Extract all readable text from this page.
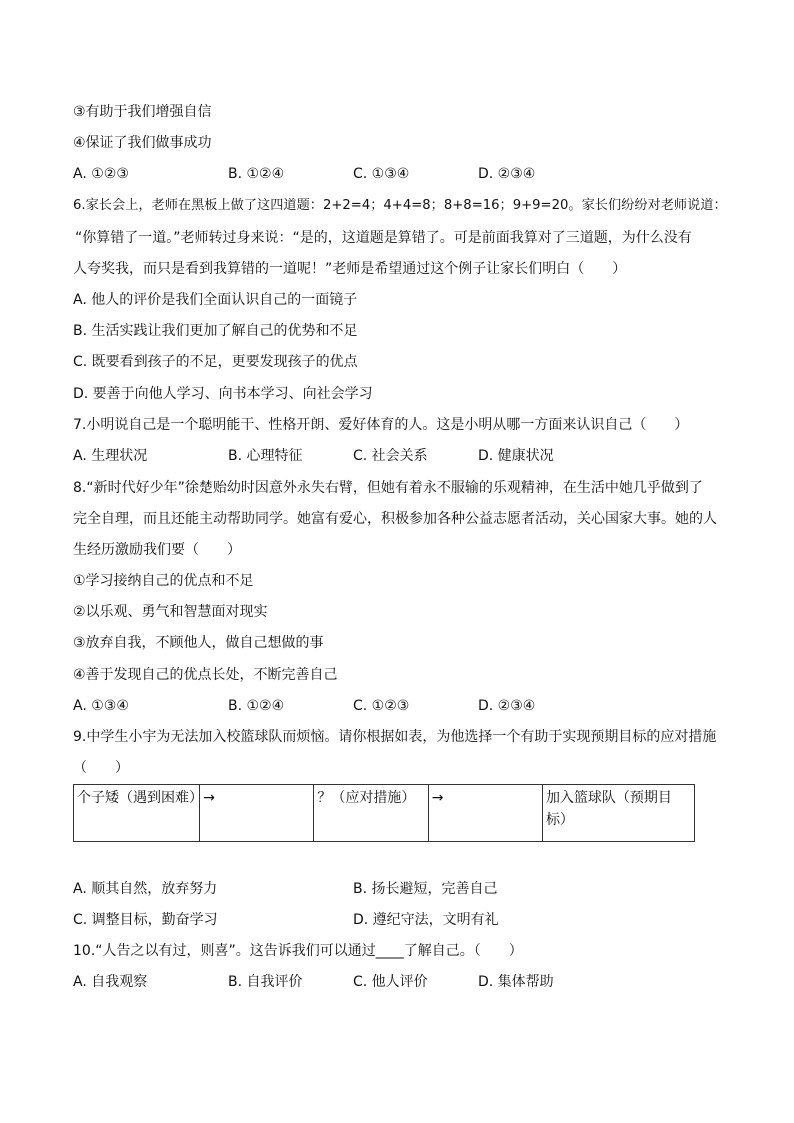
③有助于我们增强自信
④保证了我们做事成功
A. ①②③	B. ①②④	C. ①③④	D. ②③④
6.家长会上，老师在黑板上做了这四道题：2+2=4；4+4=8；8+8=16；9+9=20。家长们纷纷对老师说道：
“你算错了一道。”老师转过身来说：“是的，这道题是算错了。可是前面我算对了三道题，为什么没有
人夸奖我，而只是看到我算错的一道呢！”老师是希望通过这个例子让家长们明白（　　）
A. 他人的评价是我们全面认识自己的一面镜子
B. 生活实践让我们更加了解自己的优势和不足
C. 既要看到孩子的不足，更要发现孩子的优点
D. 要善于向他人学习、向书本学习、向社会学习
7.小明说自己是一个聪明能干、性格开朗、爱好体育的人。这是小明从哪一方面来认识自己（　　）
A. 生理状况	B. 心理特征	C. 社会关系	D. 健康状况
8.“新时代好少年”徐楚贻幼时因意外永失右臂，但她有着永不服输的乐观精神，在生活中她几乎做到了
完全自理，而且还能主动帮助同学。她富有爱心，积极参加各种公益志愿者活动，关心国家大事。她的人
生经历激励我们要（　　）
①学习接纳自己的优点和不足
②以乐观、勇气和智慧面对现实
③放弃自我，不顾他人，做自己想做的事
④善于发现自己的优点长处，不断完善自己
A. ①③④	B. ①②④	C. ①②③	D. ②③④
9.中学生小宇为无法加入校篮球队而烦恼。请你根据如表，为他选择一个有助于实现预期目标的应对措施
（　　）
个子矮（遇到困难）	→	？（应对措施）	→	加入篮球队（预期目标）
A. 顺其自然，放弃努力	B. 扬长避短，完善自己
C. 调整目标，勤奋学习	D. 遵纪守法，文明有礼
10.“人告之以有过，则喜”。这告诉我们可以通过____了解自己。（　　）
A. 自我观察	B. 自我评价	C. 他人评价	D. 集体帮助
